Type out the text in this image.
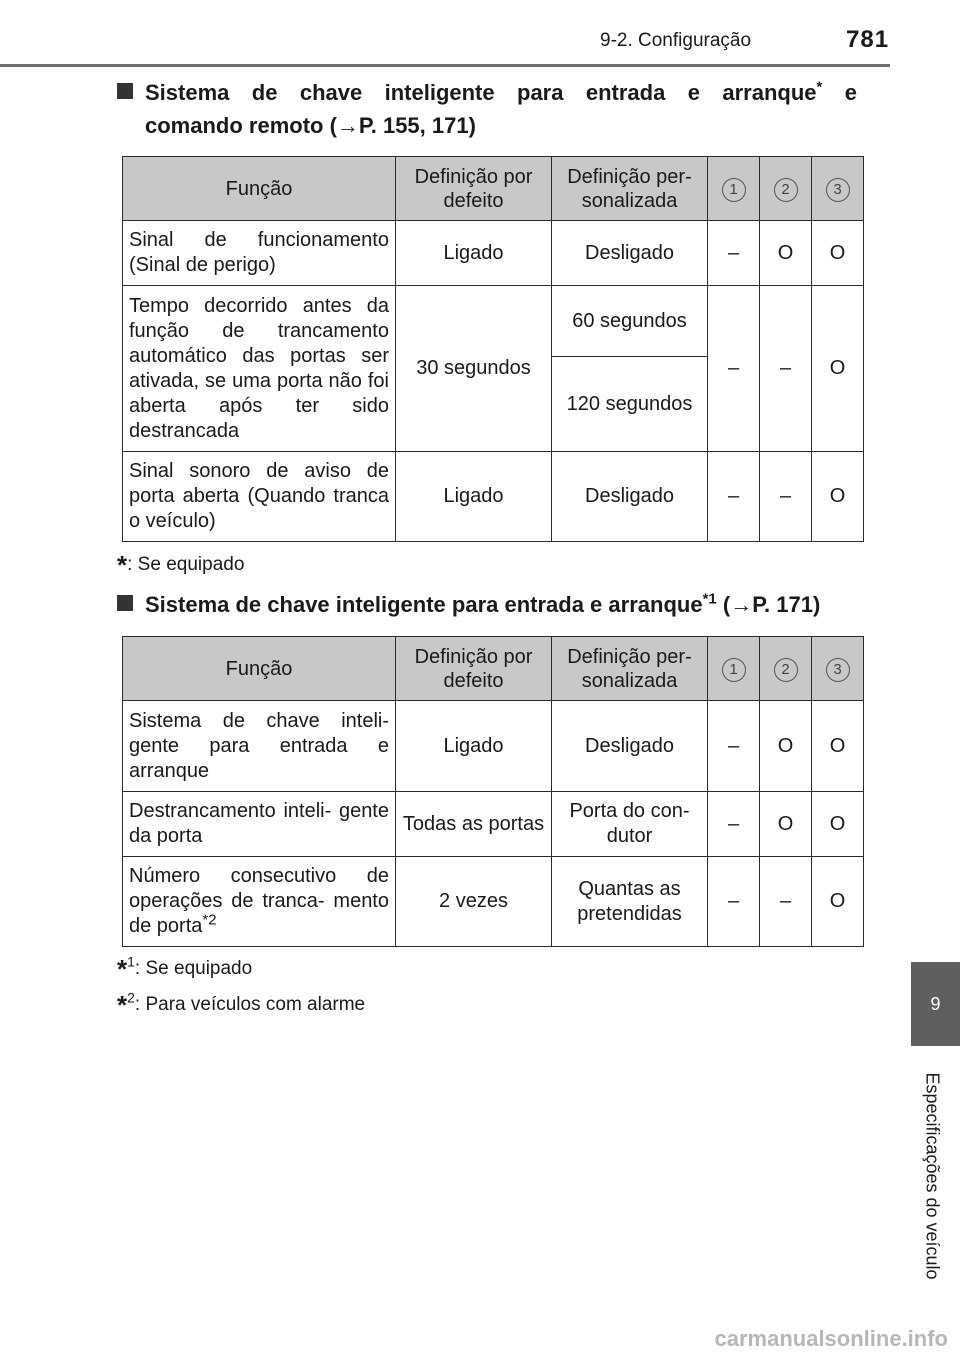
9-2. Configuração	781
Sistema de chave inteligente para entrada e arranque* e
comando remoto (→P. 155, 171)
Função	Definição por defeito	Definição per- sonalizada	1	2	3
Sinal de funcionamento (Sinal de perigo)	Ligado	Desligado	–	O	O
Tempo decorrido antes da função de trancamento automático das portas ser ativada, se uma porta não foi aberta após ter sido destrancada	30 segundos	60 segundos	–	–	O
		120 segundos			
Sinal sonoro de aviso de porta aberta (Quando tranca o veículo)	Ligado	Desligado	–	–	O
*: Se equipado
Sistema de chave inteligente para entrada e arranque$^{*1}$ (→P. 171)
Função	Definição por defeito	Definição per- sonalizada	1	2	3
Sistema de chave inteli- gente para entrada e arranque	Ligado	Desligado	–	O	O
Destrancamento inteli- gente da porta	Todas as portas	Porta do con- dutor	–	O	O
Número consecutivo de operações de tranca- mento de porta$^{*2}$	2 vezes	Quantas as pretendidas	–	–	O
*$^1$: Se equipado
*$^2$: Para veículos com alarme	9
Especificações do veículo
carmanualsonline.info
